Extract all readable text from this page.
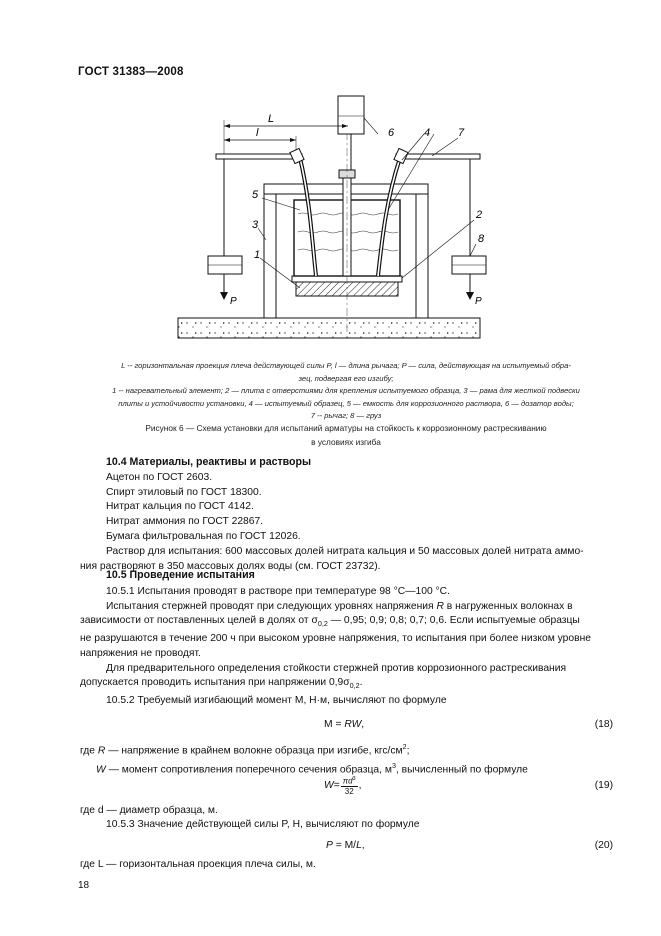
ГОСТ 31383—2008
L
l	6	4	7
5
3
1
2
8
P	P
L -- горизонтальная проекция плеча действующей силы P, l — длина рычага; P — сила, действующая на испытуемый обра-
зец, подвергая его изгибу;
1 -- нагревательный элемент; 2 — плита с отверстиями для крепления испытуемого образца, 3 — рама для жесткой подвески
плиты и устойчивости установки, 4 — испытуемый образец, 5 — емкость для коррозионного раствора, 6 — дозатор воды;
7 -- рычаг; 8 — груз
Рисунок 6 — Схема установки для испытаний арматуры на стойкость к коррозионному растрескиванию
в условиях изгиба
10.4 Материалы, реактивы и растворы
Ацетон по ГОСТ 2603.
Спирт этиловый по ГОСТ 18300.
Нитрат кальция по ГОСТ 4142.
Нитрат аммония по ГОСТ 22867.
Бумага фильтровальная по ГОСТ 12026.
Раствор для испытания: 600 массовых долей нитрата кальция и 50 массовых долей нитрата аммо-
ния растворяют в 350 массовых долях воды (см. ГОСТ 23732).
10.5 Проведение испытания
10.5.1 Испытания проводят в растворе при температуре 98 °С—100 °С.
Испытания стержней проводят при следующих уровнях напряжения R в нагруженных волокнах в
зависимости от поставленных целей в долях от $\sigma_{0,2}$ — 0,95; 0,9; 0,8; 0,7; 0,6. Если испытуемые образцы
не разрушаются в течение 200 ч при высоком уровне напряжения, то испытания при более низком уровне
напряжения не проводят.
Для предварительного определения стойкости стержней против коррозионного растрескивания
допускается проводить испытания при напряжении $0,9\sigma_{0,2}$.
10.5.2 Требуемый изгибающий момент М, Н·м, вычисляют по формуле
М = RW,	(18)
где R — напряжение в крайнем волокне образца при изгибе, кгс/$см^2$;
W — момент сопротивления поперечного сечения образца, $м^3$, вычисленный по формуле
$W = \frac{\pi d^3}{32}$ ,	(19)
где d — диаметр образца, м.
10.5.3 Значение действующей силы P, Н, вычисляют по формуле
P = M/L,	(20)
где L — горизонтальная проекция плеча силы, м.
18
